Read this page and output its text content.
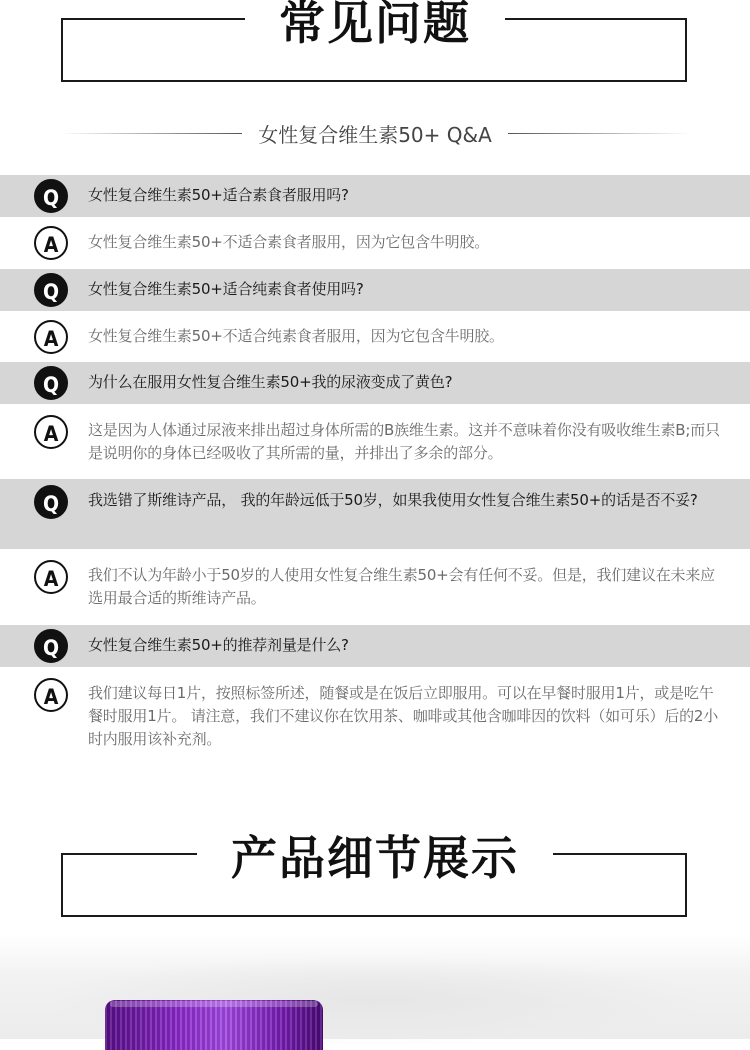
常见问题
女性复合维生素50+ Q&A
Q	女性复合维生素50+适合素食者服用吗?
A	女性复合维生素50+不适合素食者服用，因为它包含牛明胶。
Q	女性复合维生素50+适合纯素食者使用吗?
A	女性复合维生素50+不适合纯素食者服用，因为它包含牛明胶。
Q	为什么在服用女性复合维生素50+我的尿液变成了黄色?
A	这是因为人体通过尿液来排出超过身体所需的B族维生素。这并不意味着你没有吸收维生素B;而只是说明你的身体已经吸收了其所需的量，并排出了多余的部分。
Q	我选错了斯维诗产品， 我的年龄远低于50岁，如果我使用女性复合维生素50+的话是否不妥?
A	我们不认为年龄小于50岁的人使用女性复合维生素50+会有任何不妥。但是，我们建议在未来应选用最合适的斯维诗产品。
Q	女性复合维生素50+的推荐剂量是什么?
A	我们建议每日1片，按照标签所述，随餐或是在饭后立即服用。可以在早餐时服用1片，或是吃午餐时服用1片。 请注意，我们不建议你在饮用茶、咖啡或其他含咖啡因的饮料（如可乐）后的2小时内服用该补充剂。
产品细节展示
